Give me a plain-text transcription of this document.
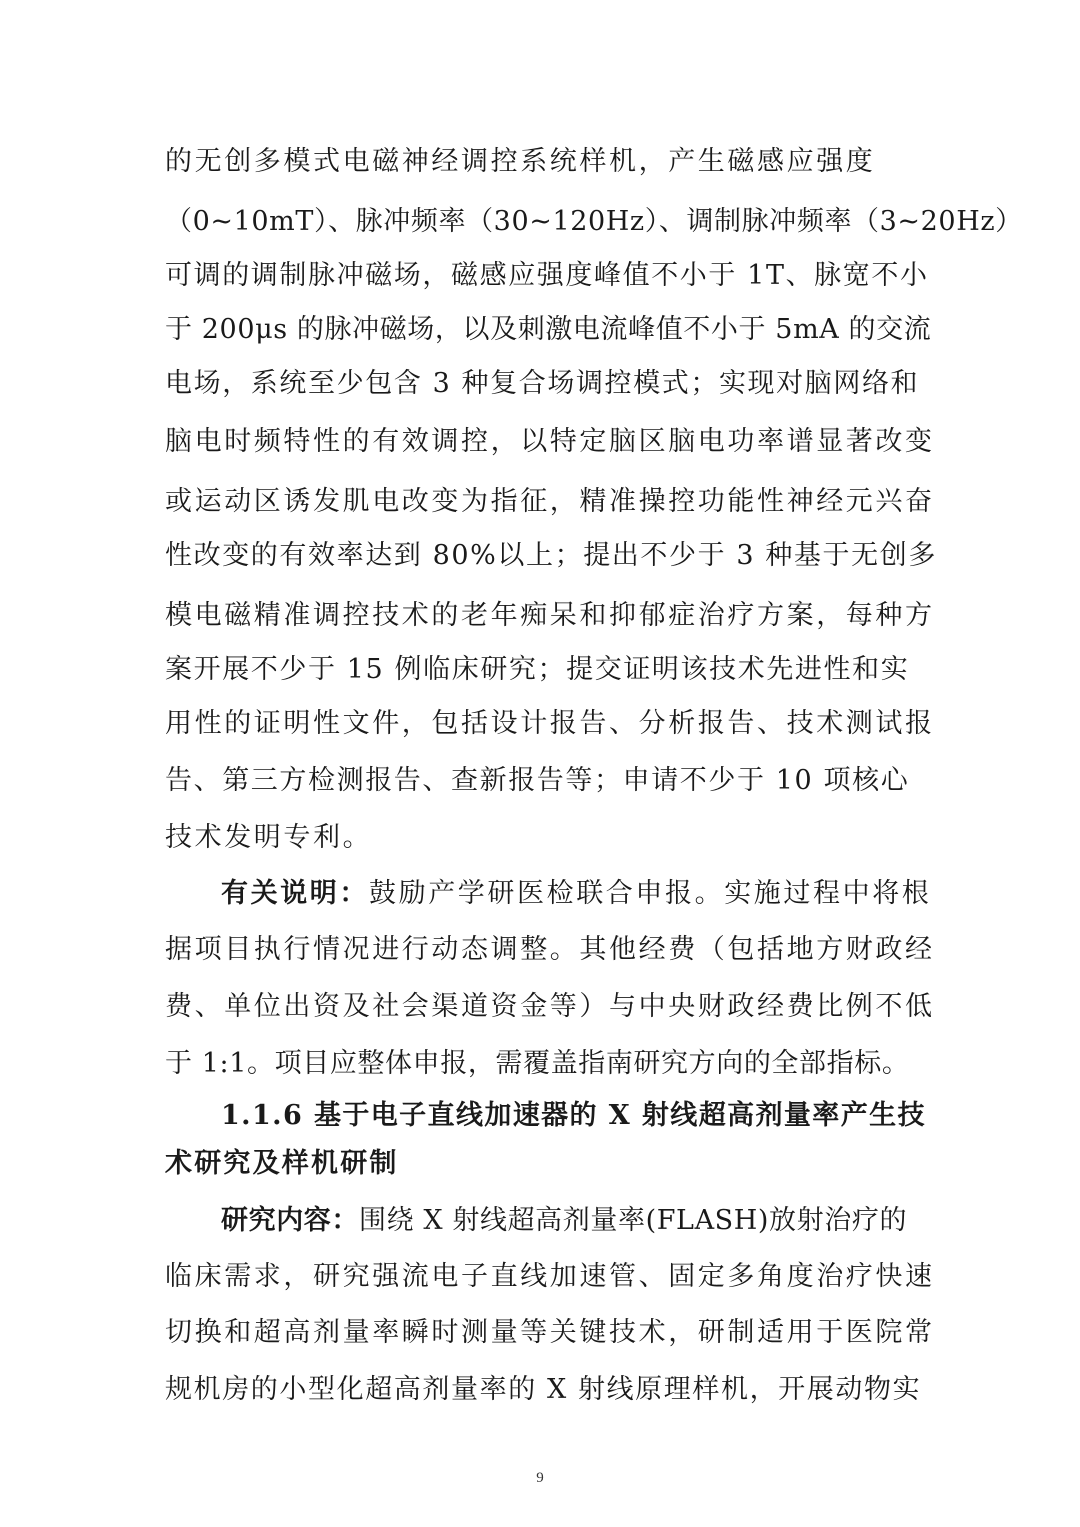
的无创多模式电磁神经调控系统样机，产生磁感应强度
（0~10mT）、脉冲频率（30~120Hz）、调制脉冲频率（3~20Hz）
可调的调制脉冲磁场，磁感应强度峰值不小于 1T、脉宽不小
于 200μs 的脉冲磁场，以及刺激电流峰值不小于 5mA 的交流
电场，系统至少包含 3 种复合场调控模式；实现对脑网络和
脑电时频特性的有效调控，以特定脑区脑电功率谱显著改变
或运动区诱发肌电改变为指征，精准操控功能性神经元兴奋
性改变的有效率达到 80%以上；提出不少于 3 种基于无创多
模电磁精准调控技术的老年痴呆和抑郁症治疗方案，每种方
案开展不少于 15 例临床研究；提交证明该技术先进性和实
用性的证明性文件，包括设计报告、分析报告、技术测试报
告、第三方检测报告、查新报告等；申请不少于 10 项核心
技术发明专利。
有关说明：鼓励产学研医检联合申报。实施过程中将根
据项目执行情况进行动态调整。其他经费（包括地方财政经
费、单位出资及社会渠道资金等）与中央财政经费比例不低
于 1:1。项目应整体申报，需覆盖指南研究方向的全部指标。
1.1.6 基于电子直线加速器的 X 射线超高剂量率产生技
术研究及样机研制
研究内容：围绕 X 射线超高剂量率(FLASH)放射治疗的
临床需求，研究强流电子直线加速管、固定多角度治疗快速
切换和超高剂量率瞬时测量等关键技术，研制适用于医院常
规机房的小型化超高剂量率的 X 射线原理样机，开展动物实
9
